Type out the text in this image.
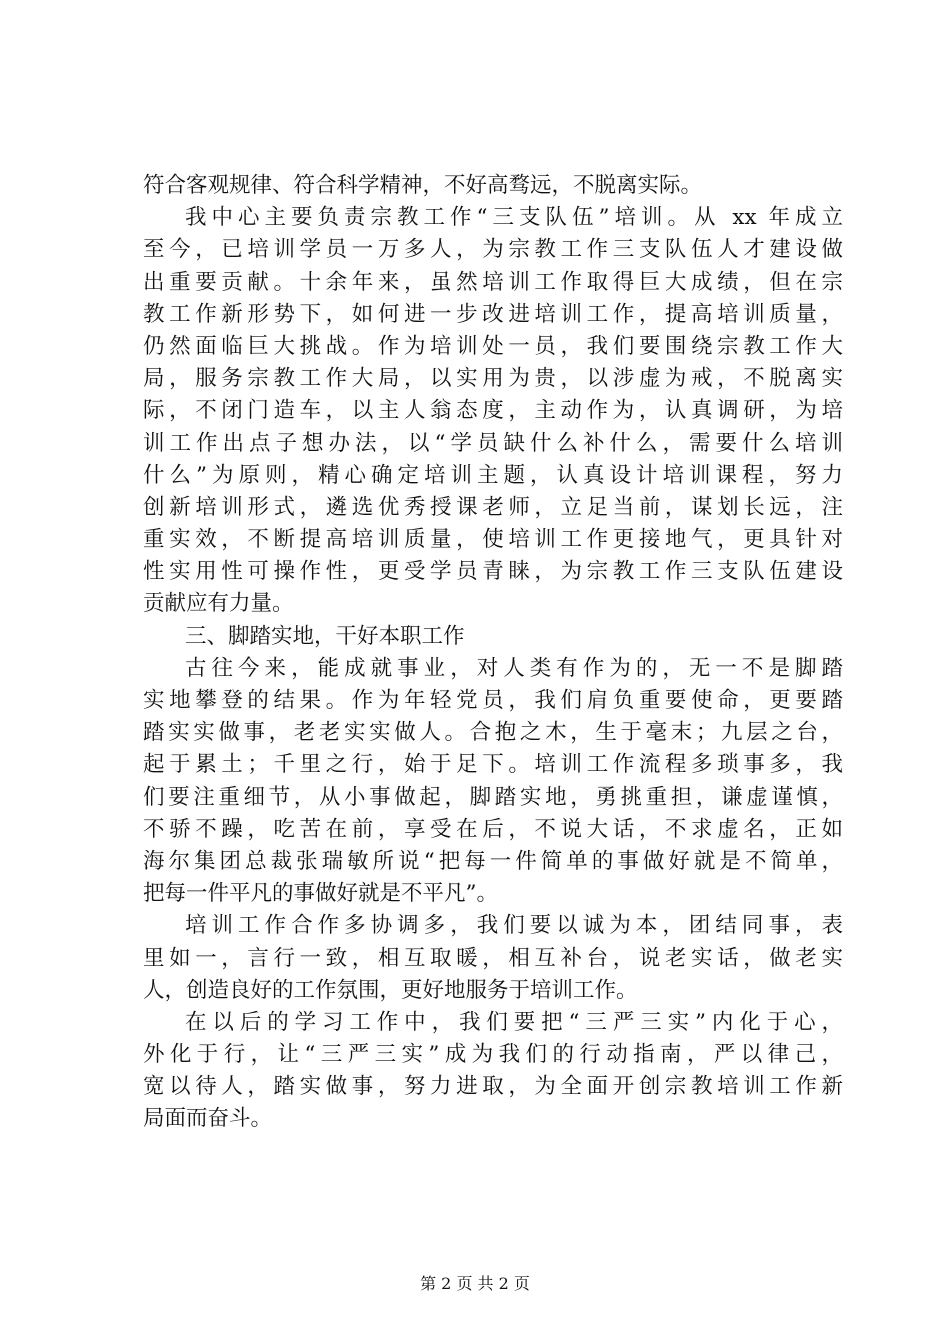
符合客观规律、符合科学精神，不好高骛远，不脱离实际。
我中心主要负责宗教工作“三支队伍”培训。从 xx 年成立
至今，已培训学员一万多人，为宗教工作三支队伍人才建设做
出重要贡献。十余年来，虽然培训工作取得巨大成绩，但在宗
教工作新形势下，如何进一步改进培训工作，提高培训质量，
仍然面临巨大挑战。作为培训处一员，我们要围绕宗教工作大
局，服务宗教工作大局，以实用为贵，以涉虚为戒，不脱离实
际，不闭门造车，以主人翁态度，主动作为，认真调研，为培
训工作出点子想办法，以“学员缺什么补什么，需要什么培训
什么”为原则，精心确定培训主题，认真设计培训课程，努力
创新培训形式，遴选优秀授课老师，立足当前，谋划长远，注
重实效，不断提高培训质量，使培训工作更接地气，更具针对
性实用性可操作性，更受学员青睐，为宗教工作三支队伍建设
贡献应有力量。
三、脚踏实地，干好本职工作
古往今来，能成就事业，对人类有作为的，无一不是脚踏
实地攀登的结果。作为年轻党员，我们肩负重要使命，更要踏
踏实实做事，老老实实做人。合抱之木，生于毫末；九层之台，
起于累土；千里之行，始于足下。培训工作流程多琐事多，我
们要注重细节，从小事做起，脚踏实地，勇挑重担，谦虚谨慎，
不骄不躁，吃苦在前，享受在后，不说大话，不求虚名，正如
海尔集团总裁张瑞敏所说“把每一件简单的事做好就是不简单，
把每一件平凡的事做好就是不平凡”。
培训工作合作多协调多，我们要以诚为本，团结同事，表
里如一，言行一致，相互取暖，相互补台，说老实话，做老实
人，创造良好的工作氛围，更好地服务于培训工作。
在以后的学习工作中，我们要把“三严三实”内化于心，
外化于行，让“三严三实”成为我们的行动指南，严以律己，
宽以待人，踏实做事，努力进取，为全面开创宗教培训工作新
局面而奋斗。
第 2 页 共 2 页
